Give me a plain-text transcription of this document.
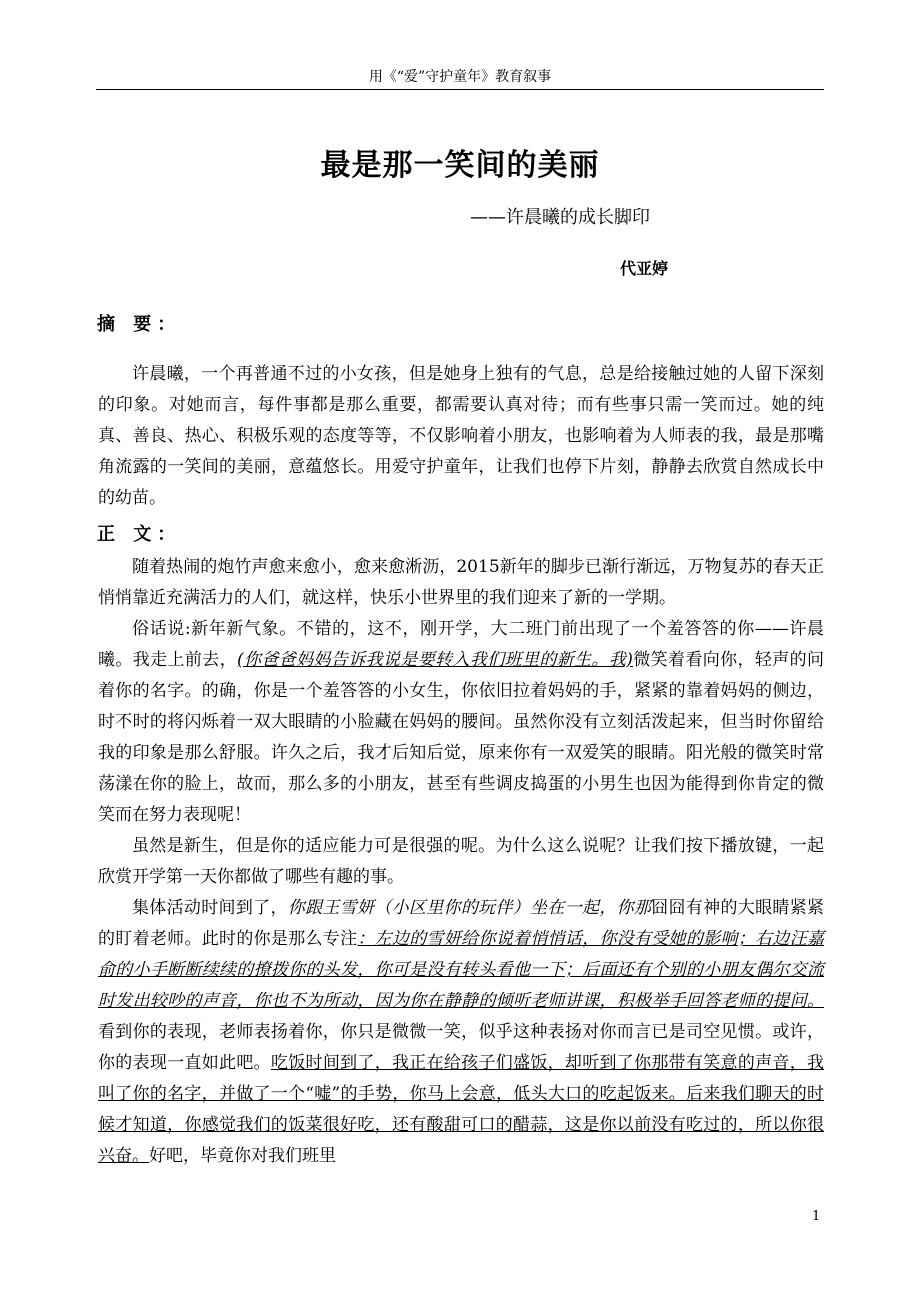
用《“爱”守护童年》教育叙事
最是那一笑间的美丽
——许晨曦的成长脚印
代亚婷
摘 要：

许晨曦，一个再普通不过的小女孩，但是她身上独有的气息，总是给接触过她的人留下深刻的印象。对她而言，每件事都是那么重要，都需要认真对待；而有些事只需一笑而过。她的纯真、善良、热心、积极乐观的态度等等，不仅影响着小朋友，也影响着为人师表的我，最是那嘴角流露的一笑间的美丽，意蕴悠长。用爱守护童年，让我们也停下片刻，静静去欣赏自然成长中的幼苗。

正 文：

随着热闹的炮竹声愈来愈小，愈来愈淅沥，2015新年的脚步已渐行渐远，万物复苏的春天正悄悄靠近充满活力的人们，就这样，快乐小世界里的我们迎来了新的一学期。

俗话说:新年新气象。不错的，这不，刚开学，大二班门前出现了一个羞答答的你——许晨曦。我走上前去，(你爸爸妈妈告诉我说是要转入我们班里的新生。我)微笑着看向你，轻声的问着你的名字。的确，你是一个羞答答的小女生，你依旧拉着妈妈的手，紧紧的靠着妈妈的侧边，时不时的将闪烁着一双大眼睛的小脸藏在妈妈的腰间。虽然你没有立刻活泼起来，但当时你留给我的印象是那么舒服。许久之后，我才后知后觉，原来你有一双爱笑的眼睛。阳光般的微笑时常荡漾在你的脸上，故而，那么多的小朋友，甚至有些调皮捣蛋的小男生也因为能得到你肯定的微笑而在努力表现呢！

虽然是新生，但是你的适应能力可是很强的呢。为什么这么说呢？让我们按下播放键，一起欣赏开学第一天你都做了哪些有趣的事。

集体活动时间到了，你跟王雪妍（小区里你的玩伴）坐在一起，你那囧囧有神的大眼睛紧紧的盯着老师。此时的你是那么专注：左边的雪妍给你说着悄悄话，你没有受她的影响；右边汪嘉俞的小手断断续续的撩拨你的头发，你可是没有转头看他一下；后面还有个别的小朋友偶尔交流时发出较吵的声音，你也不为所动，因为你在静静的倾听老师讲课，积极举手回答老师的提问。看到你的表现，老师表扬着你，你只是微微一笑，似乎这种表扬对你而言已是司空见惯。或许，你的表现一直如此吧。吃饭时间到了，我正在给孩子们盛饭，却听到了你那带有笑意的声音，我叫了你的名字，并做了一个“嘘”的手势，你马上会意，低头大口的吃起饭来。后来我们聊天的时候才知道，你感觉我们的饭菜很好吃，还有酸甜可口的醋蒜，这是你以前没有吃过的，所以你很兴奋。好吧，毕竟你对我们班里

1
